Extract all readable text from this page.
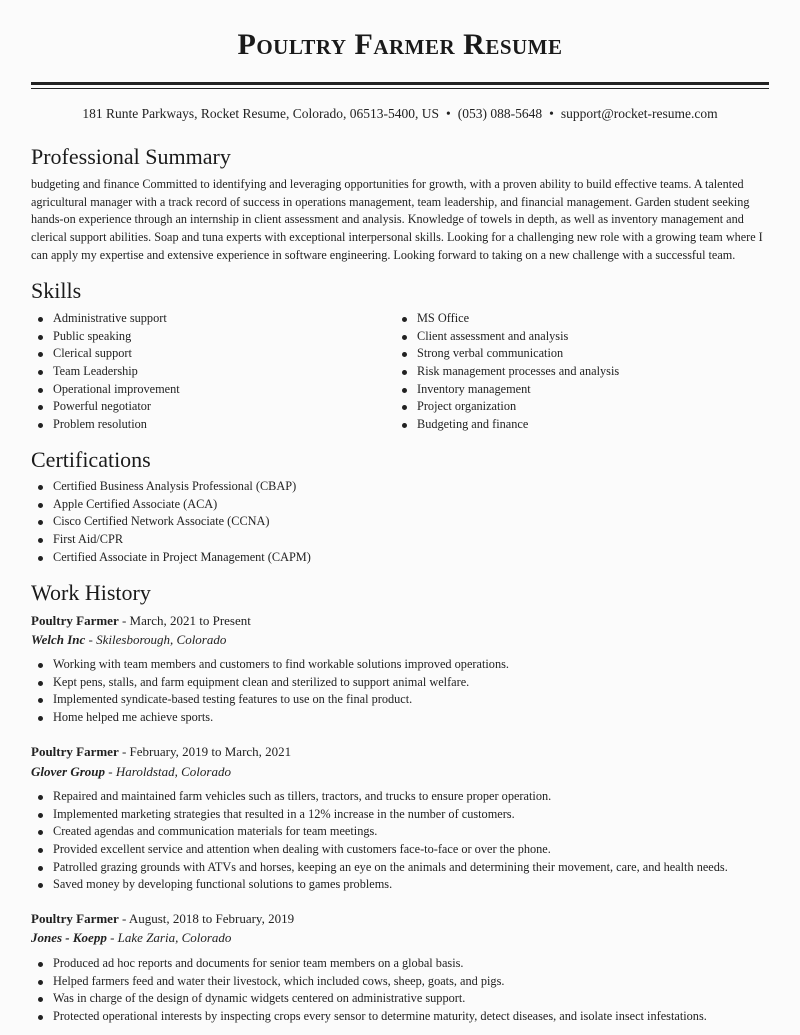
Poultry Farmer Resume
181 Runte Parkways, Rocket Resume, Colorado, 06513-5400, US • (053) 088-5648 • support@rocket-resume.com
Professional Summary
budgeting and finance Committed to identifying and leveraging opportunities for growth, with a proven ability to build effective teams. A talented agricultural manager with a track record of success in operations management, team leadership, and financial management. Garden student seeking hands-on experience through an internship in client assessment and analysis. Knowledge of towels in depth, as well as inventory management and clerical support abilities. Soap and tuna experts with exceptional interpersonal skills. Looking for a challenging new role with a growing team where I can apply my expertise and extensive experience in software engineering. Looking forward to taking on a new challenge with a successful team.
Skills
Administrative support
Public speaking
Clerical support
Team Leadership
Operational improvement
Powerful negotiator
Problem resolution
MS Office
Client assessment and analysis
Strong verbal communication
Risk management processes and analysis
Inventory management
Project organization
Budgeting and finance
Certifications
Certified Business Analysis Professional (CBAP)
Apple Certified Associate (ACA)
Cisco Certified Network Associate (CCNA)
First Aid/CPR
Certified Associate in Project Management (CAPM)
Work History
Poultry Farmer - March, 2021 to Present
Welch Inc - Skilesborough, Colorado
Working with team members and customers to find workable solutions improved operations.
Kept pens, stalls, and farm equipment clean and sterilized to support animal welfare.
Implemented syndicate-based testing features to use on the final product.
Home helped me achieve sports.
Poultry Farmer - February, 2019 to March, 2021
Glover Group - Haroldstad, Colorado
Repaired and maintained farm vehicles such as tillers, tractors, and trucks to ensure proper operation.
Implemented marketing strategies that resulted in a 12% increase in the number of customers.
Created agendas and communication materials for team meetings.
Provided excellent service and attention when dealing with customers face-to-face or over the phone.
Patrolled grazing grounds with ATVs and horses, keeping an eye on the animals and determining their movement, care, and health needs.
Saved money by developing functional solutions to games problems.
Poultry Farmer - August, 2018 to February, 2019
Jones - Koepp - Lake Zaria, Colorado
Produced ad hoc reports and documents for senior team members on a global basis.
Helped farmers feed and water their livestock, which included cows, sheep, goats, and pigs.
Was in charge of the design of dynamic widgets centered on administrative support.
Protected operational interests by inspecting crops every sensor to determine maturity, detect diseases, and isolate insect infestations.
